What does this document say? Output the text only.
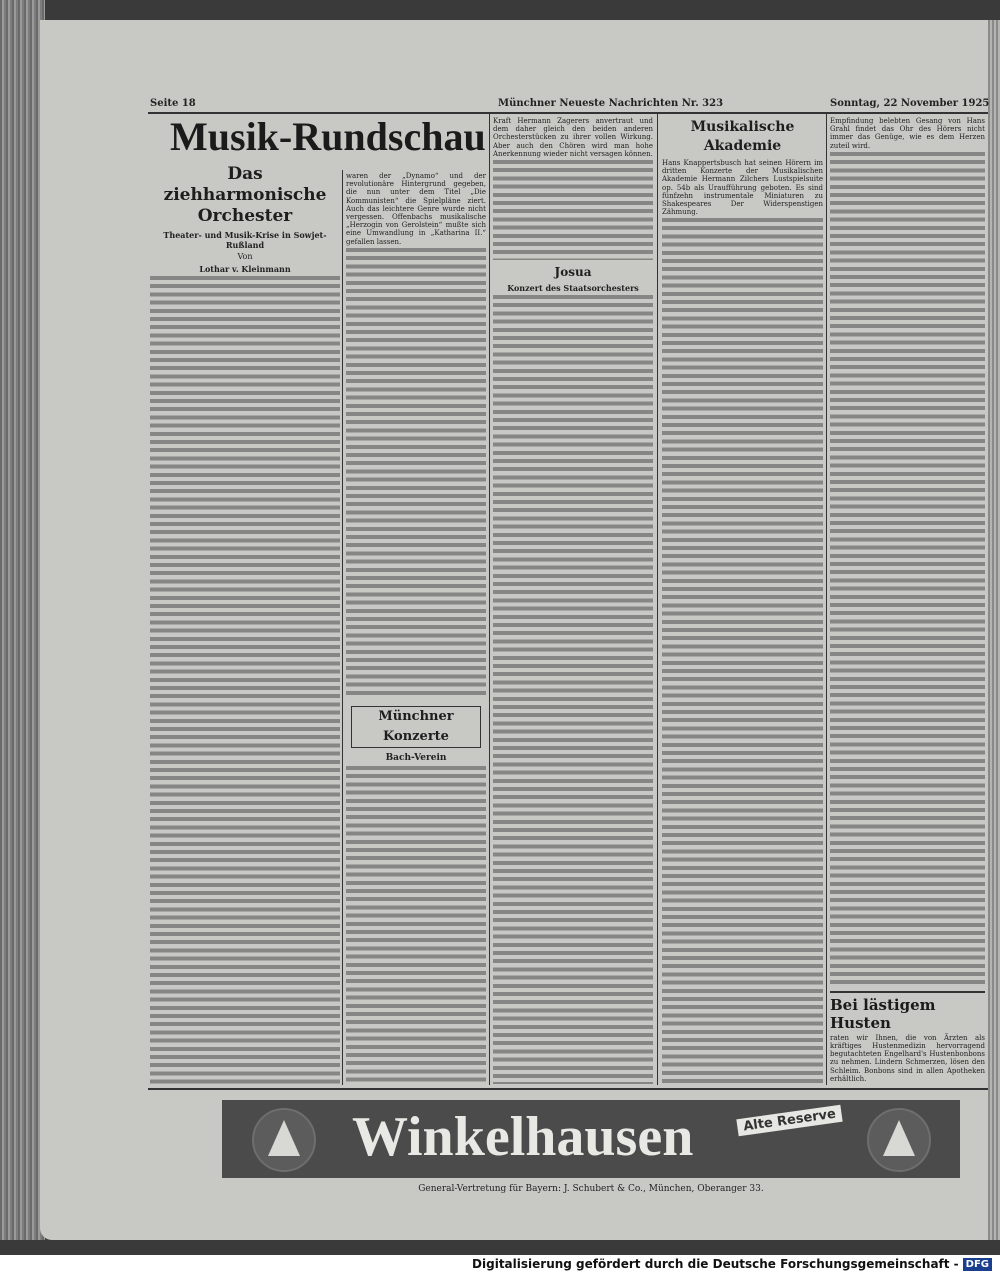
Seite 18	Münchner Neueste Nachrichten Nr. 323	Sonntag, 22 November 1925
Musik-Rundschau
Das ziehharmonische Orchester
Theater- und Musik-Krise in Sowjet-Rußland
Von
Lothar v. Kleinmann
waren der „Dynamo“ und der revolutionäre Hintergrund gegeben, die nun unter dem Titel „Die Kommunisten“ die Spielpläne ziert. Auch das leichtere Genre wurde nicht vergessen. Offenbachs musikalische „Herzogin von Gerolstein“ mußte sich eine Umwandlung in „Katharina II.“ gefallen lassen.
Münchner Konzerte
Bach-Verein
Kraft Hermann Zagerers anvertraut und dem daher gleich den beiden anderen Orchesterstücken zu ihrer vollen Wirkung. Aber auch den Chören wird man hohe Anerkennung wieder nicht versagen können.
Josua
Konzert des Staatsorchesters
Musikalische Akademie
Hans Knappertsbusch hat seinen Hörern im dritten Konzerte der Musikalischen Akademie Hermann Zilchers Lustspielsuite op. 54b als Uraufführung geboten. Es sind fünfzehn instrumentale Miniaturen zu Shakespeares Der Widerspenstigen Zähmung.
Empfindung belebten Gesang von Hans Grahl findet das Ohr des Hörers nicht immer das Genüge, wie es dem Herzen zuteil wird.
Bei lästigem Husten
raten wir Ihnen, die von Ärzten als kräftiges Hustenmedizin hervorragend begutachteten Engelhard's Hustenbonbons zu nehmen. Lindern Schmerzen, lösen den Schleim. Bonbons sind in allen Apotheken erhältlich.
Winkelhausen	Alte Reserve
General-Vertretung für Bayern: J. Schubert & Co., München, Oberanger 33.
Digitalisierung gefördert durch die Deutsche Forschungsgemeinschaft - DFG
